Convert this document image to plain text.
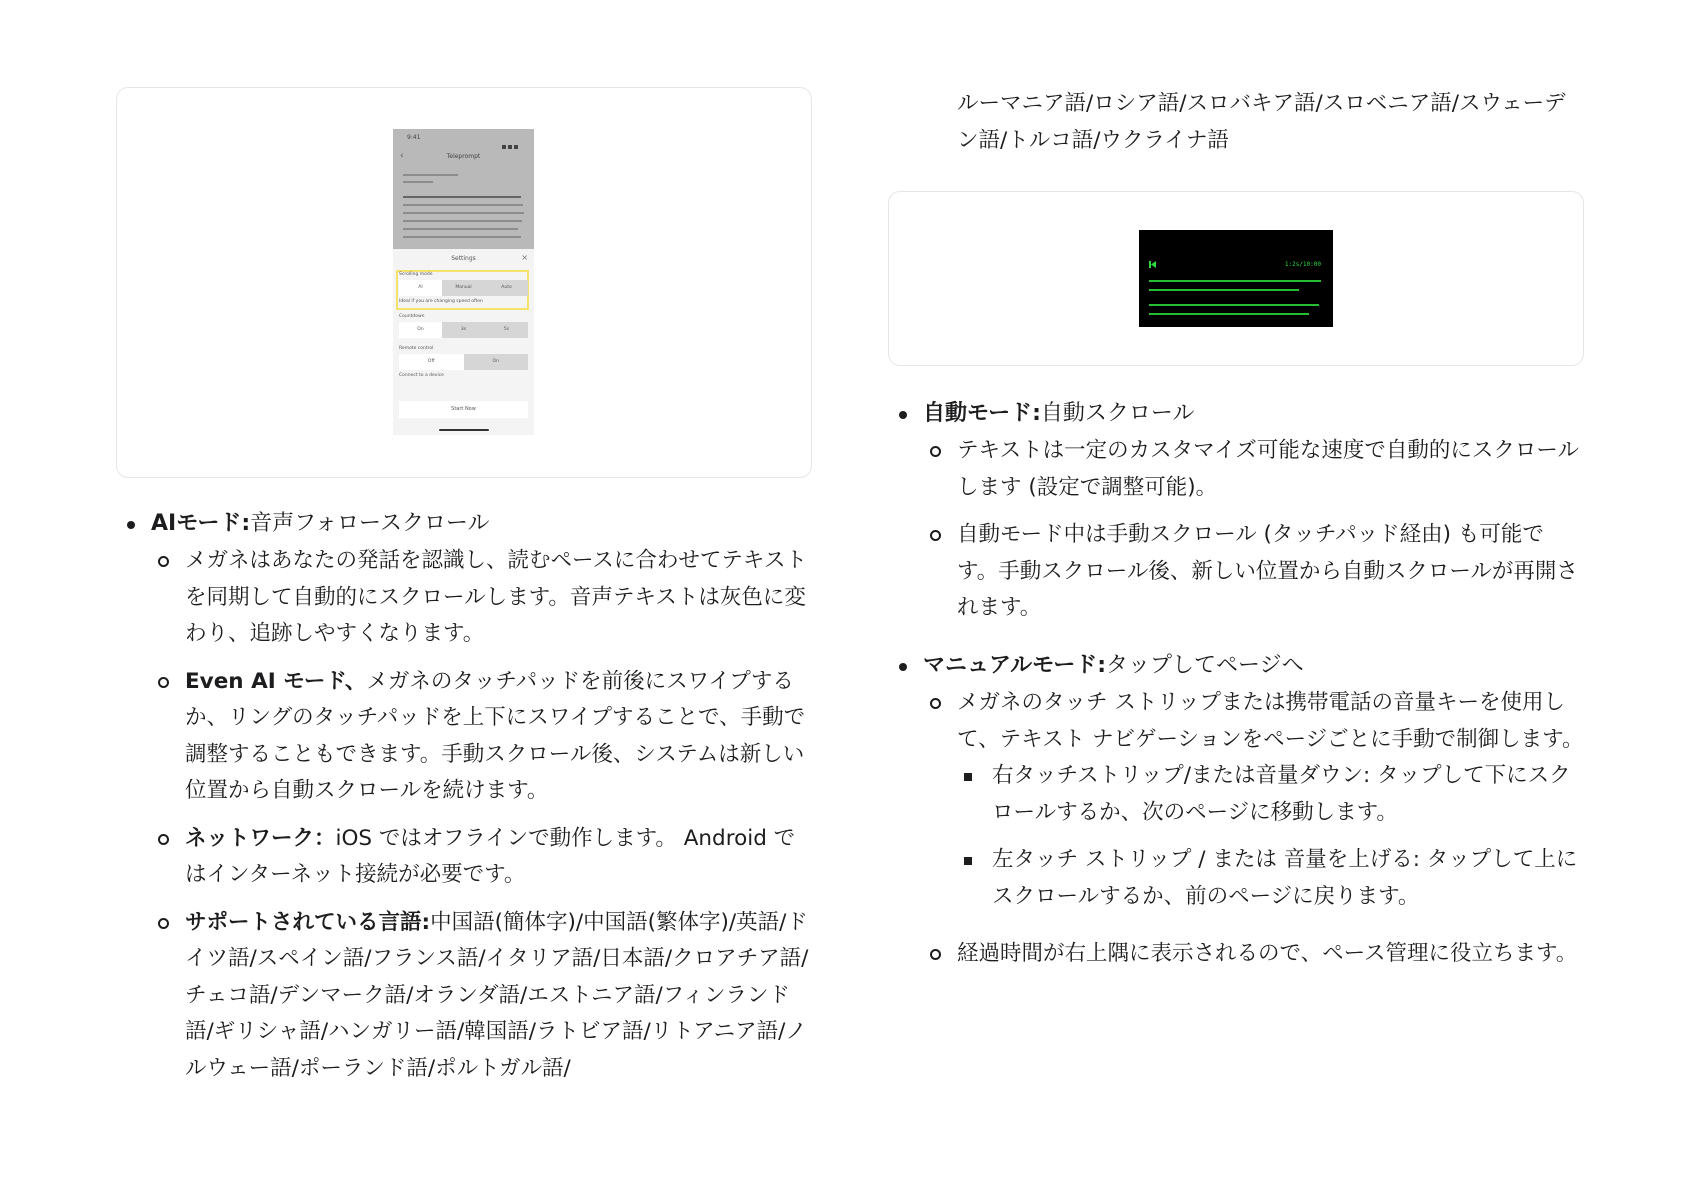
9:41
‹	Teleprompt
Settings	×
Scrolling mode
AI	Manual	Auto
Ideal if you are changing speed often
Countdown
On	3s	5s
Remote control
Off	On
Connect to a device
Start Now

AIモード:音声フォロースクロール

メガネはあなたの発話を認識し、読むペースに合わせてテキストを同期して自動的にスクロールします。音声テキストは灰色に変わり、追跡しやすくなります。

Even AI モード、メガネのタッチパッドを前後にスワイプするか、リングのタッチパッドを上下にスワイプすることで、手動で調整することもできます。手動スクロール後、システムは新しい位置から自動スクロールを続けます。

ネットワーク：iOS ではオフラインで動作します。 Android ではインターネット接続が必要です。

サポートされている言語:中国語(簡体字)/中国語(繁体字)/英語/ドイツ語/スペイン語/フランス語/イタリア語/日本語/クロアチア語/チェコ語/デンマーク語/オランダ語/エストニア語/フィンランド語/ギリシャ語/ハンガリー語/韓国語/ラトビア語/リトアニア語/ノルウェー語/ポーランド語/ポルトガル語/

ルーマニア語/ロシア語/スロバキア語/スロベニア語/スウェーデン語/トルコ語/ウクライナ語

1:2s/10:00

自動モード:自動スクロール

テキストは一定のカスタマイズ可能な速度で自動的にスクロールします (設定で調整可能)。

自動モード中は手動スクロール (タッチパッド経由) も可能です。手動スクロール後、新しい位置から自動スクロールが再開されます。

マニュアルモード:タップしてページへ

メガネのタッチ ストリップまたは携帯電話の音量キーを使用して、テキスト ナビゲーションをページごとに手動で制御します。

右タッチストリップ/または音量ダウン: タップして下にスクロールするか、次のページに移動します。

左タッチ ストリップ / または 音量を上げる: タップして上にスクロールするか、前のページに戻ります。

経過時間が右上隅に表示されるので、ペース管理に役立ちます。
